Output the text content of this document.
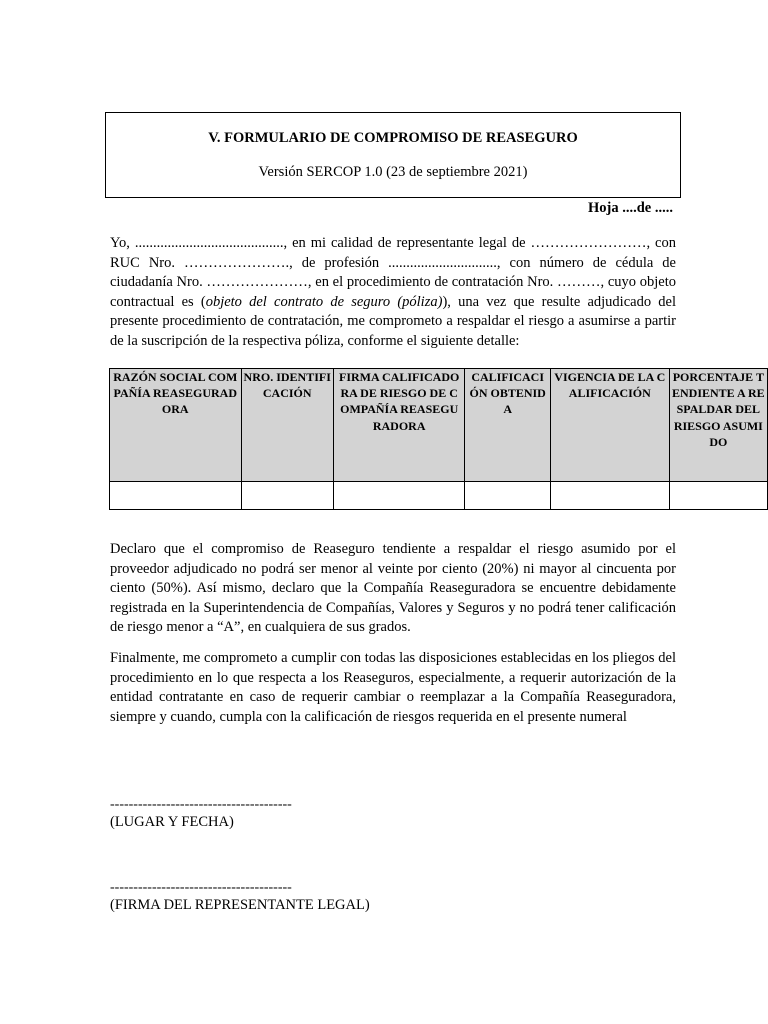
V. FORMULARIO DE COMPROMISO DE REASEGURO
Versión SERCOP 1.0 (23 de septiembre 2021)
Hoja ....de .....

Yo, ........................................., en mi calidad de representante legal de ……………………, con RUC Nro. …………………., de profesión .............................., con número de cédula de ciudadanía Nro. …………………, en el procedimiento de contratación Nro. ………, cuyo objeto contractual es (objeto del contrato de seguro (póliza)), una vez que resulte adjudicado del presente procedimiento de contratación, me comprometo a respaldar el riesgo a asumirse a partir de la suscripción de la respectiva póliza, conforme el siguiente detalle:

RAZÓN SOCIAL COMPAÑÍA REASEGURADORA	NRO. IDENTIFICACIÓN	FIRMA CALIFICADORA DE RIESGO DE COMPAÑÍA REASEGURADORA	CALIFICACIÓN OBTENIDA	VIGENCIA DE LA CALIFICACIÓN	PORCENTAJE TENDIENTE A RESPALDAR DEL RIESGO ASUMIDO

Declaro que el compromiso de Reaseguro tendiente a respaldar el riesgo asumido por el proveedor adjudicado no podrá ser menor al veinte por ciento (20%) ni mayor al cincuenta por ciento (50%). Así mismo, declaro que la Compañía Reaseguradora se encuentre debidamente registrada en la Superintendencia de Compañías, Valores y Seguros y no podrá tener calificación de riesgo menor a “A”, en cualquiera de sus grados.

Finalmente, me comprometo a cumplir con todas las disposiciones establecidas en los pliegos del procedimiento en lo que respecta a los Reaseguros, especialmente, a requerir autorización de la entidad contratante en caso de requerir cambiar o reemplazar a la Compañía Reaseguradora, siempre y cuando, cumpla con la calificación de riesgos requerida en el presente numeral

---------------------------------------
(LUGAR Y FECHA)
---------------------------------------
(FIRMA DEL REPRESENTANTE LEGAL)
